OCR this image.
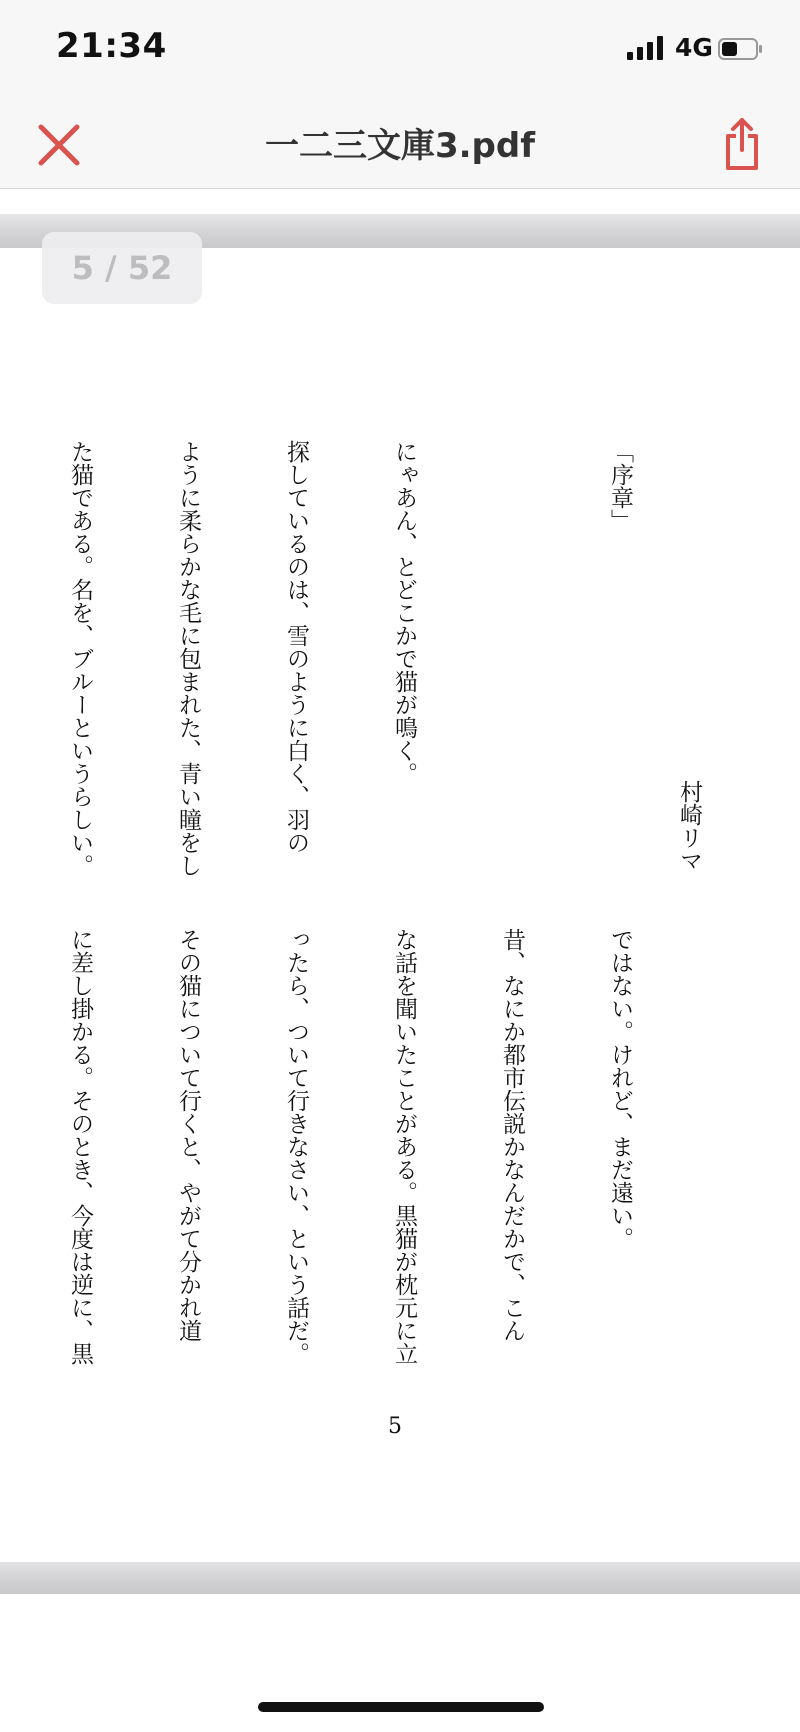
21:34	4G
一二三文庫3.pdf
5 / 52

「序章」

にゃあん、とどこかで猫が鳴く。

探しているのは、雪のように白く、羽の

ように柔らかな毛に包まれた、青い瞳をし

た猫である。名を、ブルーというらしい。

	村崎リマ

ではない。けれど、まだ遠い。

昔、なにか都市伝説かなんだかで、こん

な話を聞いたことがある。黒猫が枕元に立

ったら、ついて行きなさい、という話だ。

その猫について行くと、やがて分かれ道

に差し掛かる。そのとき、今度は逆に、黒

5
